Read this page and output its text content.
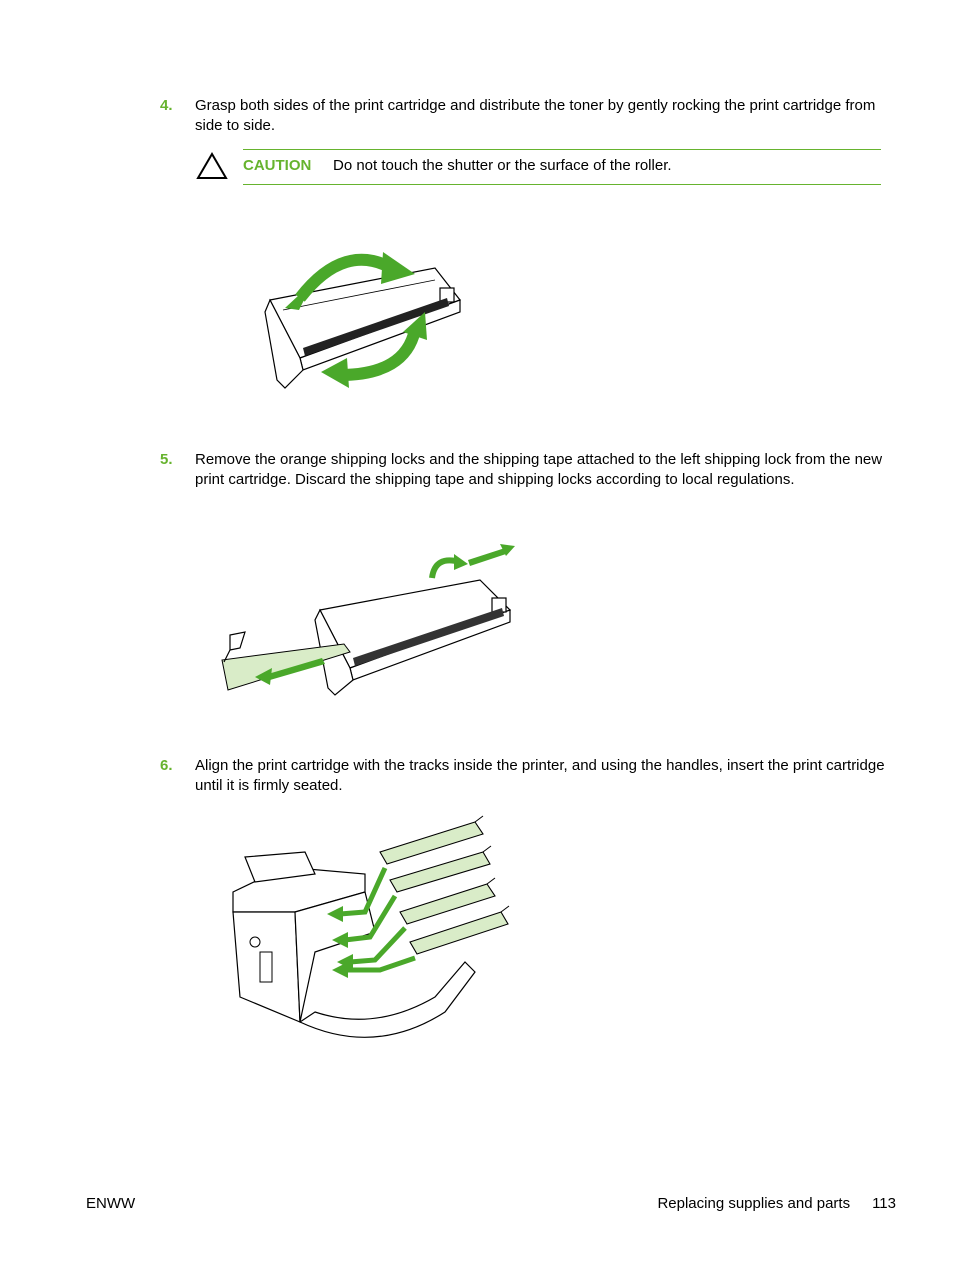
4. Grasp both sides of the print cartridge and distribute the toner by gently rocking the print cartridge from side to side.
CAUTION Do not touch the shutter or the surface of the roller.
5. Remove the orange shipping locks and the shipping tape attached to the left shipping lock from the new print cartridge. Discard the shipping tape and shipping locks according to local regulations.
6. Align the print cartridge with the tracks inside the printer, and using the handles, insert the print cartridge until it is firmly seated.
ENWW	Replacing supplies and parts 113
